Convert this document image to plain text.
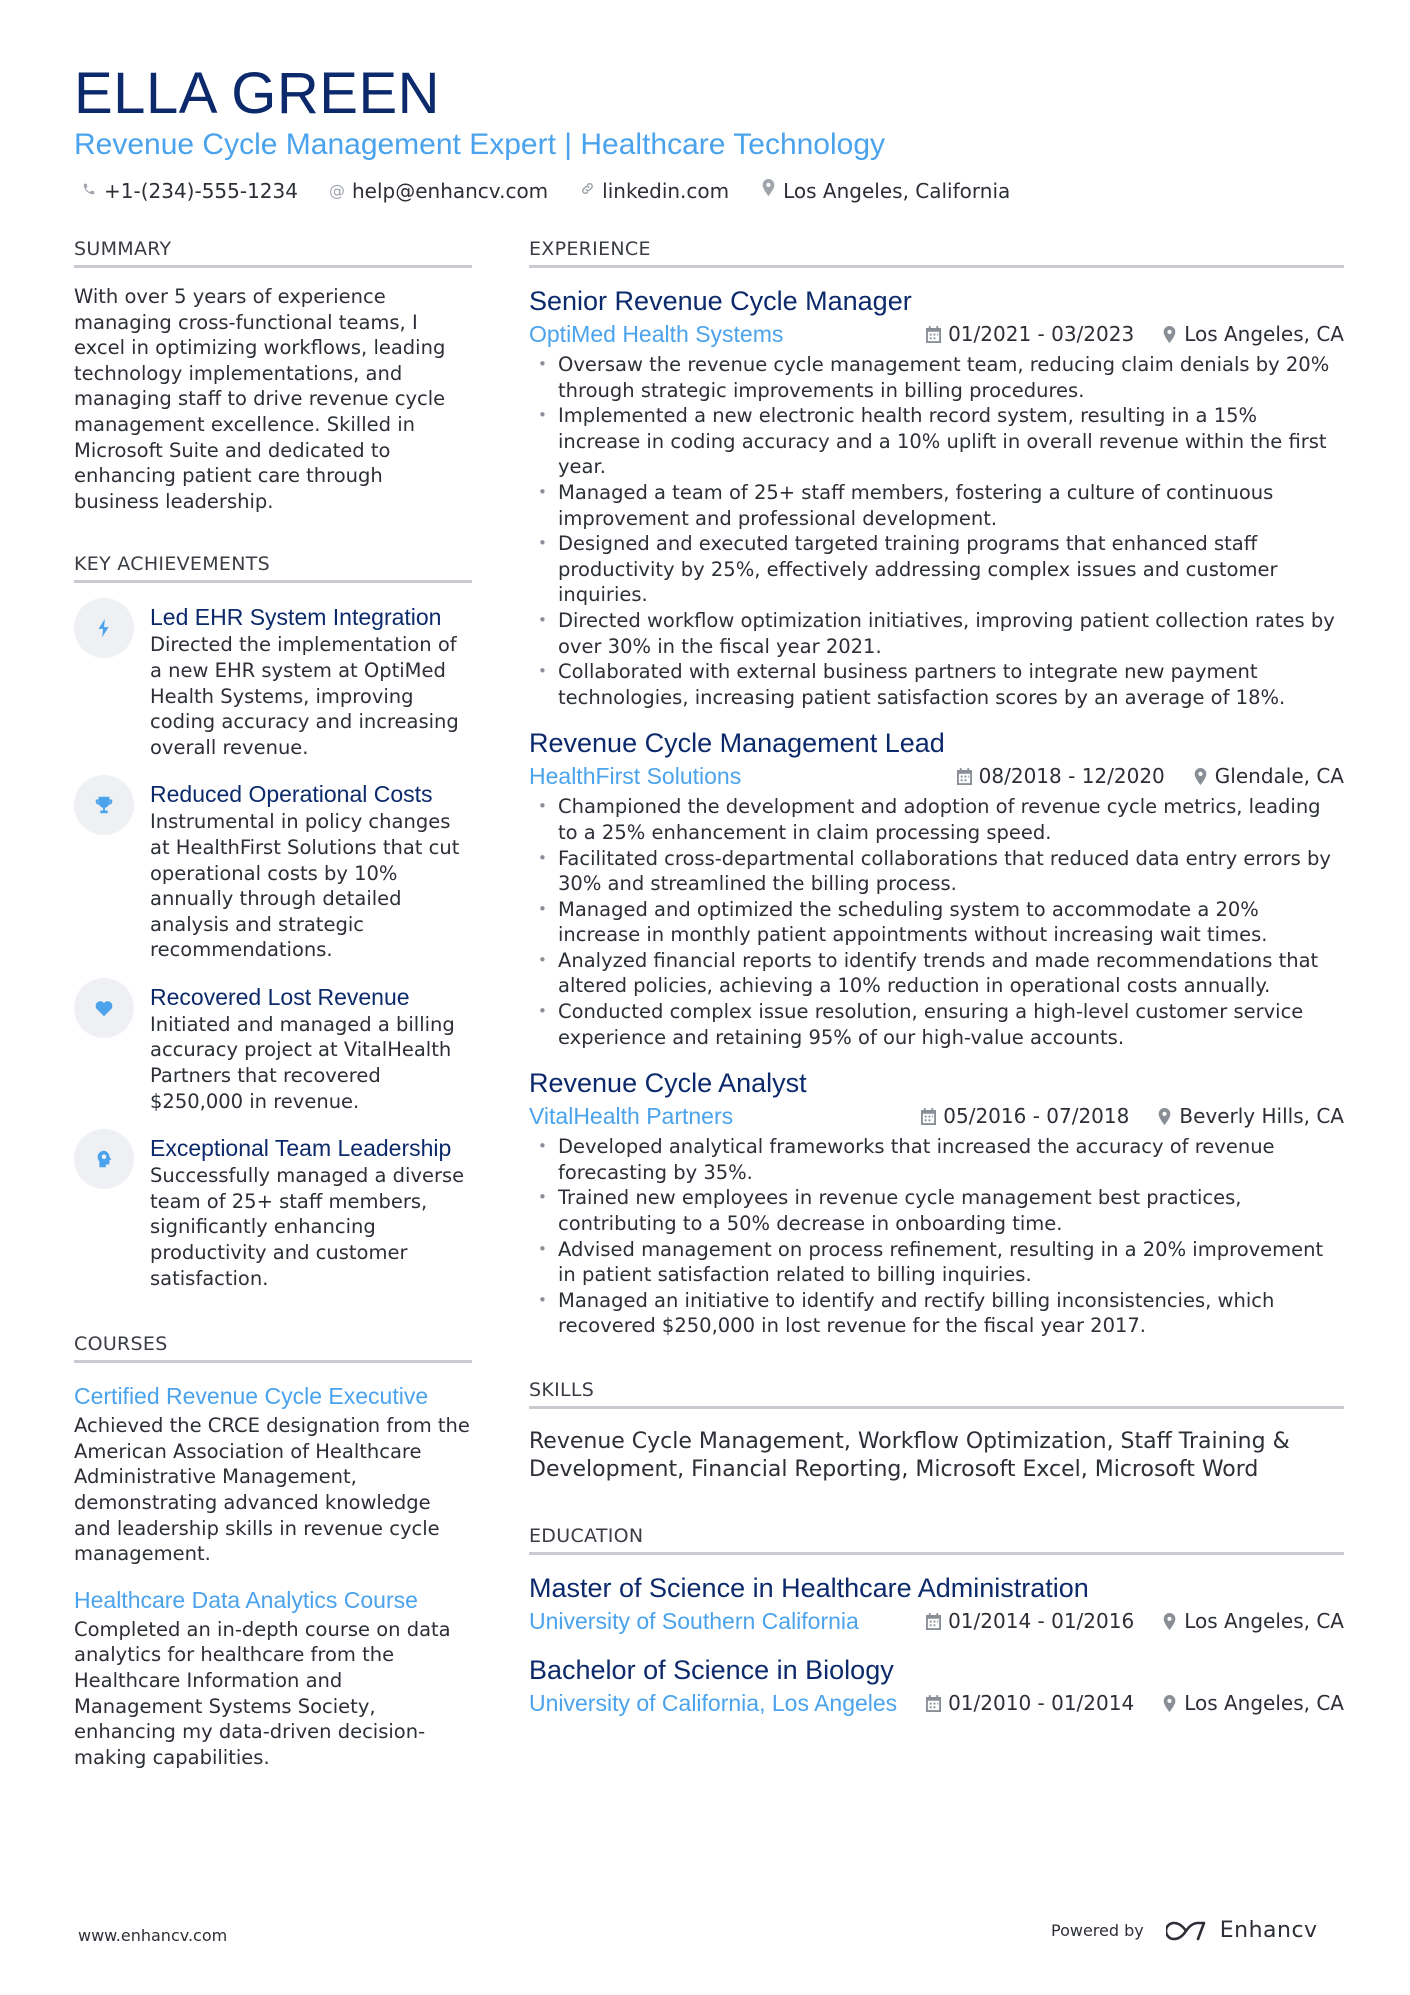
ELLA GREEN
Revenue Cycle Management Expert | Healthcare Technology
+1-(234)-555-1234 @ help@enhancv.com	linkedin.com	Los Angeles, California
SUMMARY
With over 5 years of experience managing cross-functional teams, I excel in optimizing workflows, leading technology implementations, and managing staff to drive revenue cycle management excellence. Skilled in Microsoft Suite and dedicated to enhancing patient care through business leadership.
KEY ACHIEVEMENTS
Led EHR System Integration
Directed the implementation of a new EHR system at OptiMed Health Systems, improving coding accuracy and increasing overall revenue.
Reduced Operational Costs
Instrumental in policy changes at HealthFirst Solutions that cut operational costs by 10% annually through detailed analysis and strategic recommendations.
Recovered Lost Revenue
Initiated and managed a billing accuracy project at VitalHealth Partners that recovered $250,000 in revenue.
Exceptional Team Leadership
Successfully managed a diverse team of 25+ staff members, significantly enhancing productivity and customer satisfaction.
COURSES
Certified Revenue Cycle Executive
Achieved the CRCE designation from the American Association of Healthcare Administrative Management, demonstrating advanced knowledge and leadership skills in revenue cycle management.
Healthcare Data Analytics Course
Completed an in-depth course on data analytics for healthcare from the Healthcare Information and Management Systems Society, enhancing my data-driven decision-making capabilities.
EXPERIENCE
Senior Revenue Cycle Manager
OptiMed Health Systems	01/2021 - 03/2023	Los Angeles, CA
• Oversaw the revenue cycle management team, reducing claim denials by 20% through strategic improvements in billing procedures.
• Implemented a new electronic health record system, resulting in a 15% increase in coding accuracy and a 10% uplift in overall revenue within the first year.
• Managed a team of 25+ staff members, fostering a culture of continuous improvement and professional development.
• Designed and executed targeted training programs that enhanced staff productivity by 25%, effectively addressing complex issues and customer inquiries.
• Directed workflow optimization initiatives, improving patient collection rates by over 30% in the fiscal year 2021.
• Collaborated with external business partners to integrate new payment technologies, increasing patient satisfaction scores by an average of 18%.
Revenue Cycle Management Lead
HealthFirst Solutions	08/2018 - 12/2020	Glendale, CA
• Championed the development and adoption of revenue cycle metrics, leading to a 25% enhancement in claim processing speed.
• Facilitated cross-departmental collaborations that reduced data entry errors by 30% and streamlined the billing process.
• Managed and optimized the scheduling system to accommodate a 20% increase in monthly patient appointments without increasing wait times.
• Analyzed financial reports to identify trends and made recommendations that altered policies, achieving a 10% reduction in operational costs annually.
• Conducted complex issue resolution, ensuring a high-level customer service experience and retaining 95% of our high-value accounts.
Revenue Cycle Analyst
VitalHealth Partners	05/2016 - 07/2018	Beverly Hills, CA
• Developed analytical frameworks that increased the accuracy of revenue forecasting by 35%.
• Trained new employees in revenue cycle management best practices, contributing to a 50% decrease in onboarding time.
• Advised management on process refinement, resulting in a 20% improvement in patient satisfaction related to billing inquiries.
• Managed an initiative to identify and rectify billing inconsistencies, which recovered $250,000 in lost revenue for the fiscal year 2017.
SKILLS
Revenue Cycle Management, Workflow Optimization, Staff Training & Development, Financial Reporting, Microsoft Excel, Microsoft Word
EDUCATION
Master of Science in Healthcare Administration
University of Southern California	01/2014 - 01/2016	Los Angeles, CA
Bachelor of Science in Biology
University of California, Los Angeles	01/2010 - 01/2014	Los Angeles, CA
www.enhancv.com	Powered by	Enhancv
